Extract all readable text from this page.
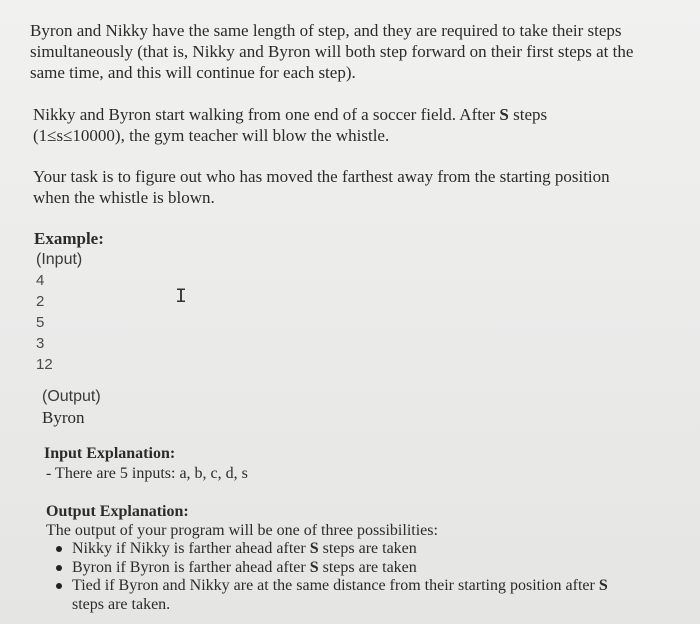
Byron and Nikky have the same length of step, and they are required to take their steps
simultaneously (that is, Nikky and Byron will both step forward on their first steps at the
same time, and this will continue for each step).

Nikky and Byron start walking from one end of a soccer field. After S steps
(1≤s≤10000), the gym teacher will blow the whistle.

Your task is to figure out who has moved the farthest away from the starting position
when the whistle is blown.

Example:
(Input)
4
2
5
3
12
I
(Output)
Byron
Input Explanation:
- There are 5 inputs: a, b, c, d, s
Output Explanation:
The output of your program will be one of three possibilities:
Nikky if Nikky is farther ahead after S steps are taken
Byron if Byron is farther ahead after S steps are taken
Tied if Byron and Nikky are at the same distance from their starting position after S
steps are taken.
